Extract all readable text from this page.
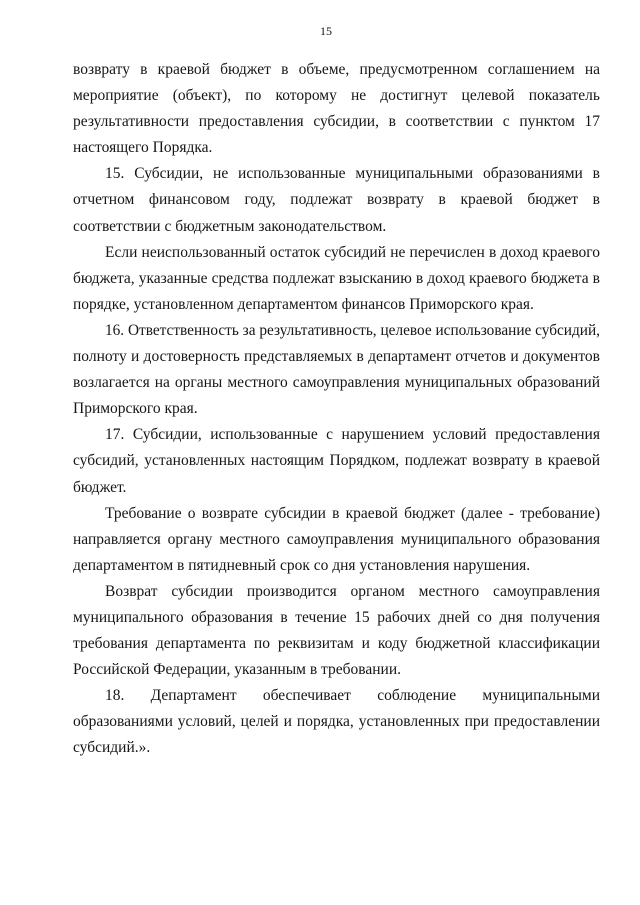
15
возврату в краевой бюджет в объеме, предусмотренном соглашением на
мероприятие (объект), по которому не достигнут целевой показатель
результативности предоставления субсидии, в соответствии с пунктом 17
настоящего Порядка.
15. Субсидии, не использованные муниципальными образованиями в
отчетном финансовом году, подлежат возврату в краевой бюджет в
соответствии с бюджетным законодательством.
Если неиспользованный остаток субсидий не перечислен в доход краевого
бюджета, указанные средства подлежат взысканию в доход краевого бюджета в
порядке, установленном департаментом финансов Приморского края.
16. Ответственность за результативность, целевое использование субсидий,
полноту и достоверность представляемых в департамент отчетов и документов
возлагается на органы местного самоуправления муниципальных образований
Приморского края.
17. Субсидии, использованные с нарушением условий предоставления
субсидий, установленных настоящим Порядком, подлежат возврату в краевой
бюджет.
Требование о возврате субсидии в краевой бюджет (далее - требование)
направляется органу местного самоуправления муниципального образования
департаментом в пятидневный срок со дня установления нарушения.
Возврат субсидии производится органом местного самоуправления
муниципального образования в течение 15 рабочих дней со дня получения
требования департамента по реквизитам и коду бюджетной классификации
Российской Федерации, указанным в требовании.
18. Департамент обеспечивает соблюдение муниципальными
образованиями условий, целей и порядка, установленных при предоставлении
субсидий.».
